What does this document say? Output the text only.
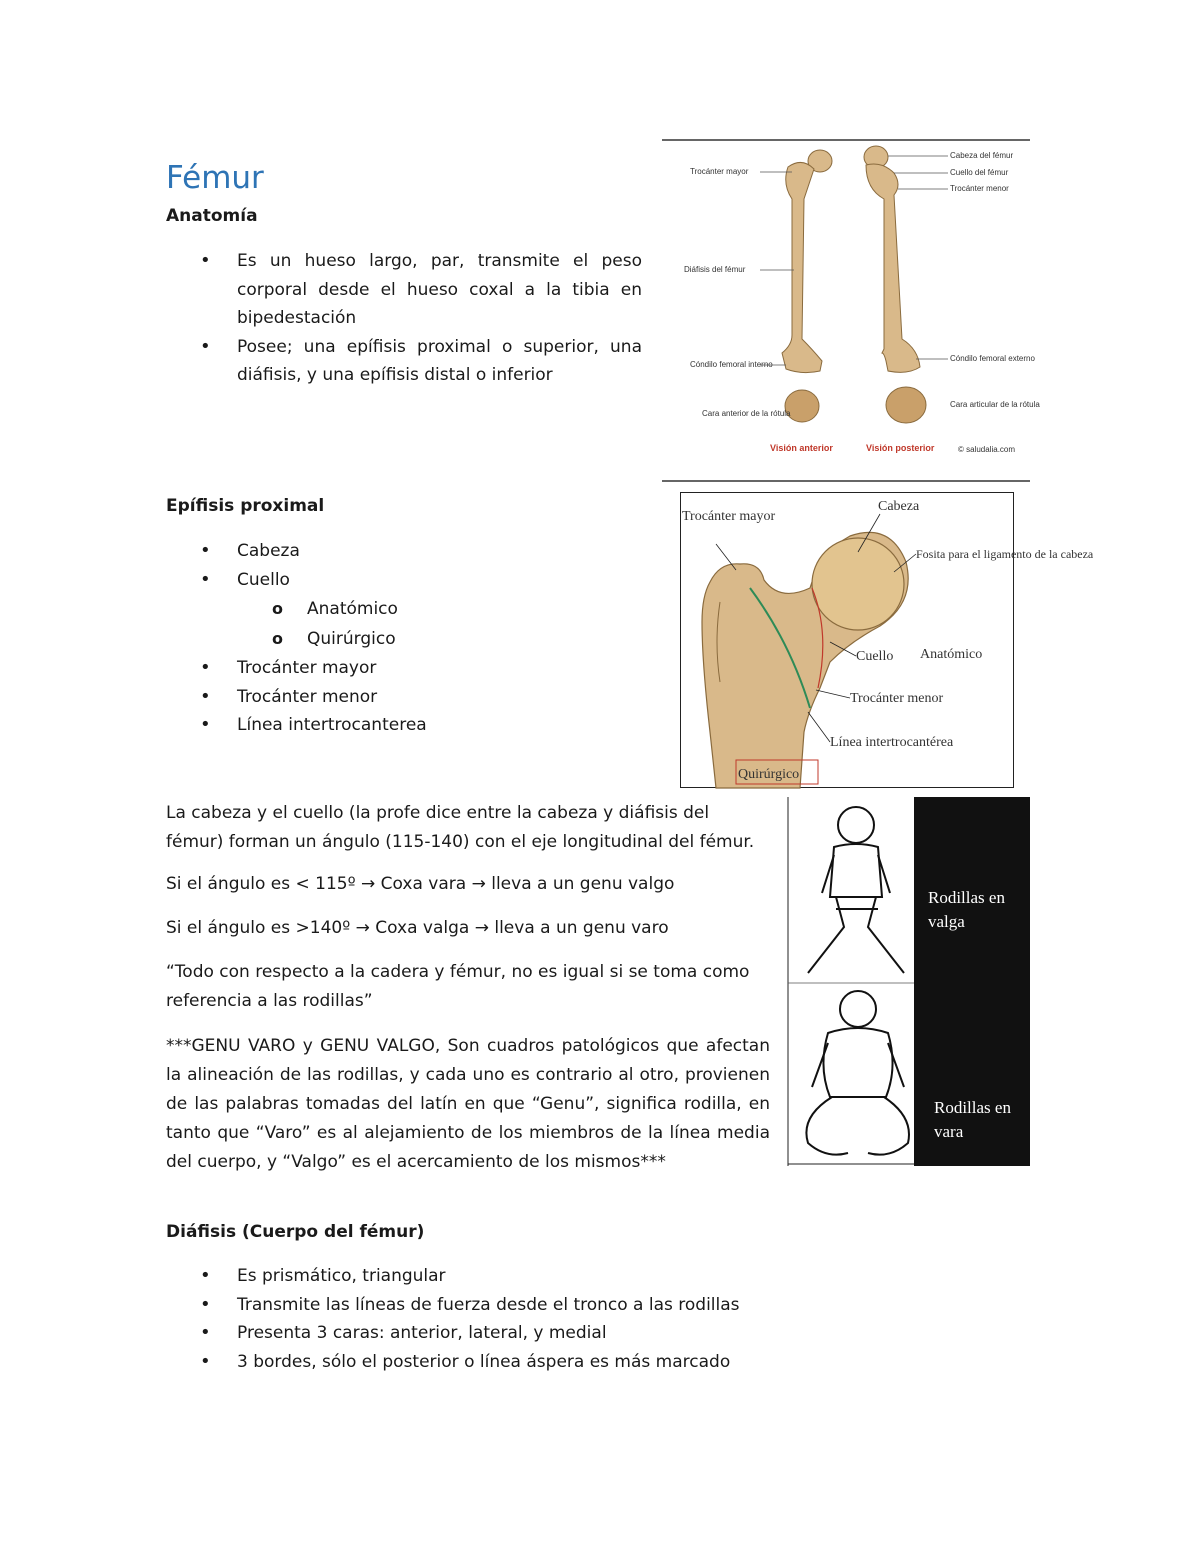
Fémur
Anatomía
• Es un hueso largo, par, transmite el peso corporal desde el hueso coxal a la tibia en bipedestación
• Posee; una epífisis proximal o superior, una diáfisis, y una epífisis distal o inferior
Trocánter mayor
Diáfisis del fémur
Cóndilo femoral interno
Cara anterior de la rótula
Cabeza del fémur
Cuello del fémur
Trocánter menor
Cóndilo femoral externo
Cara articular de la rótula
Visión anterior	Visión posterior	© saludalia.com
Epífisis proximal
• Cabeza
• Cuello
o Anatómico
o Quirúrgico
• Trocánter mayor
• Trocánter menor
• Línea intertrocanterea
Trocánter mayor
Cabeza
Fosita para el ligamento de la cabeza
Cuello Anatómico
Trocánter menor
Línea intertrocantérea
Quirúrgico
La cabeza y el cuello (la profe dice entre la cabeza y diáfisis del fémur) forman un ángulo (115-140) con el eje longitudinal del fémur.
Si el ángulo es < 115º → Coxa vara → lleva a un genu valgo
Si el ángulo es >140º → Coxa valga → lleva a un genu varo
“Todo con respecto a la cadera y fémur, no es igual si se toma como referencia a las rodillas”
***GENU VARO y GENU VALGO, Son cuadros patológicos que afectan la alineación de las rodillas, y cada uno es contrario al otro, provienen de las palabras tomadas del latín en que “Genu”, significa rodilla, en tanto que “Varo” es al alejamiento de los miembros de la línea media del cuerpo, y “Valgo” es el acercamiento de los mismos***
Rodillas en
valga
Rodillas en
vara
Diáfisis (Cuerpo del fémur)
• Es prismático, triangular
• Transmite las líneas de fuerza desde el tronco a las rodillas
• Presenta 3 caras: anterior, lateral, y medial
• 3 bordes, sólo el posterior o línea áspera es más marcado
